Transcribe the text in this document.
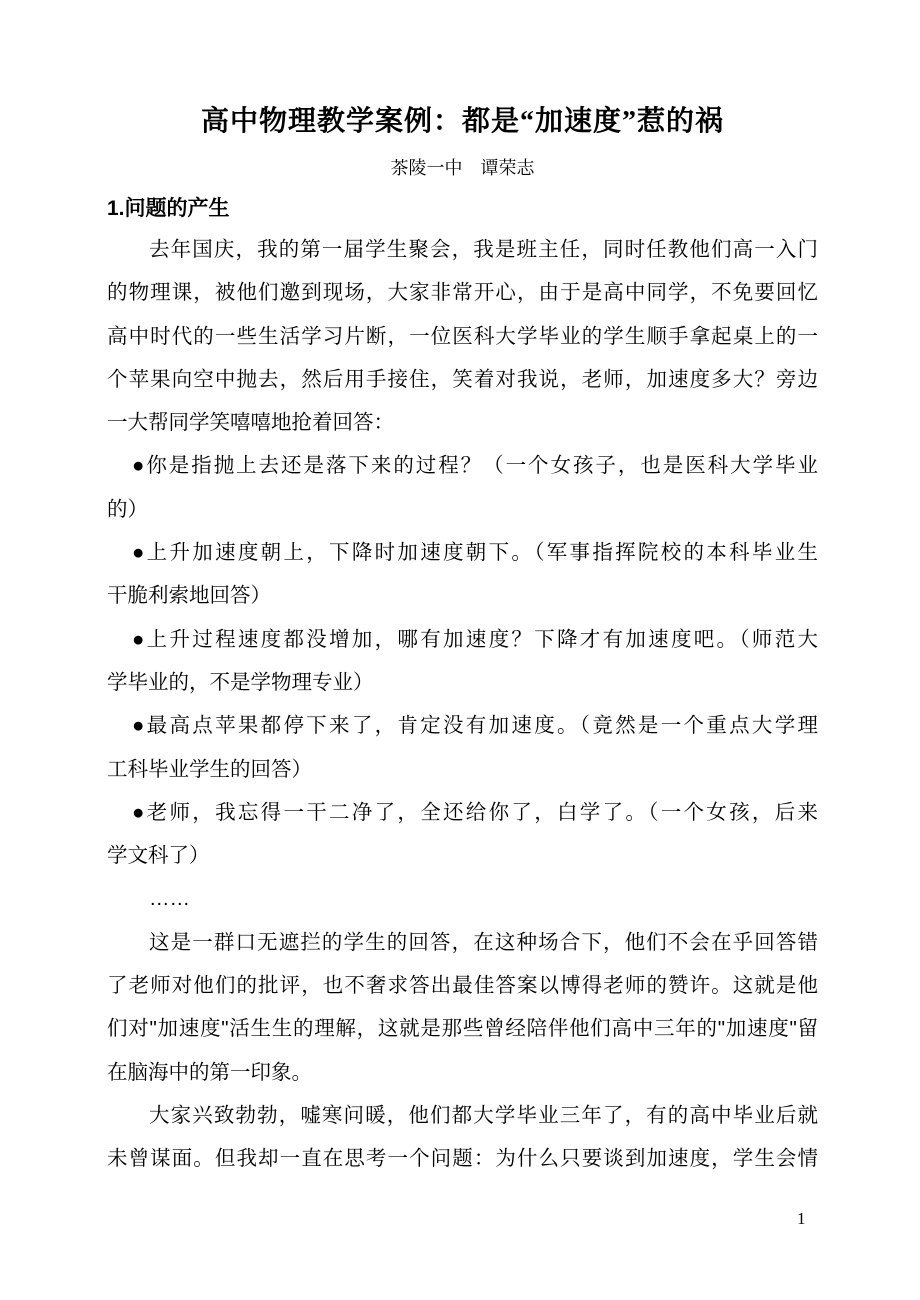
高中物理教学案例：都是“加速度”惹的祸
茶陵一中　谭荣志
1.问题的产生
去年国庆，我的第一届学生聚会，我是班主任，同时任教他们高一入门
的物理课，被他们邀到现场，大家非常开心，由于是高中同学，不免要回忆
高中时代的一些生活学习片断，一位医科大学毕业的学生顺手拿起桌上的一
个苹果向空中抛去，然后用手接住，笑着对我说，老师，加速度多大？旁边
一大帮同学笑嘻嘻地抢着回答：
●你是指抛上去还是落下来的过程？（一个女孩子，也是医科大学毕业
的）
●上升加速度朝上，下降时加速度朝下。（军事指挥院校的本科毕业生
干脆利索地回答）
●上升过程速度都没增加，哪有加速度？下降才有加速度吧。（师范大
学毕业的，不是学物理专业）
●最高点苹果都停下来了，肯定没有加速度。（竟然是一个重点大学理
工科毕业学生的回答）
●老师，我忘得一干二净了，全还给你了，白学了。（一个女孩，后来
学文科了）
……
这是一群口无遮拦的学生的回答，在这种场合下，他们不会在乎回答错
了老师对他们的批评，也不奢求答出最佳答案以博得老师的赞许。这就是他
们对"加速度"活生生的理解，这就是那些曾经陪伴他们高中三年的"加速度"留
在脑海中的第一印象。
大家兴致勃勃，嘘寒问暖，他们都大学毕业三年了，有的高中毕业后就
未曾谋面。但我却一直在思考一个问题：为什么只要谈到加速度，学生会情
1
